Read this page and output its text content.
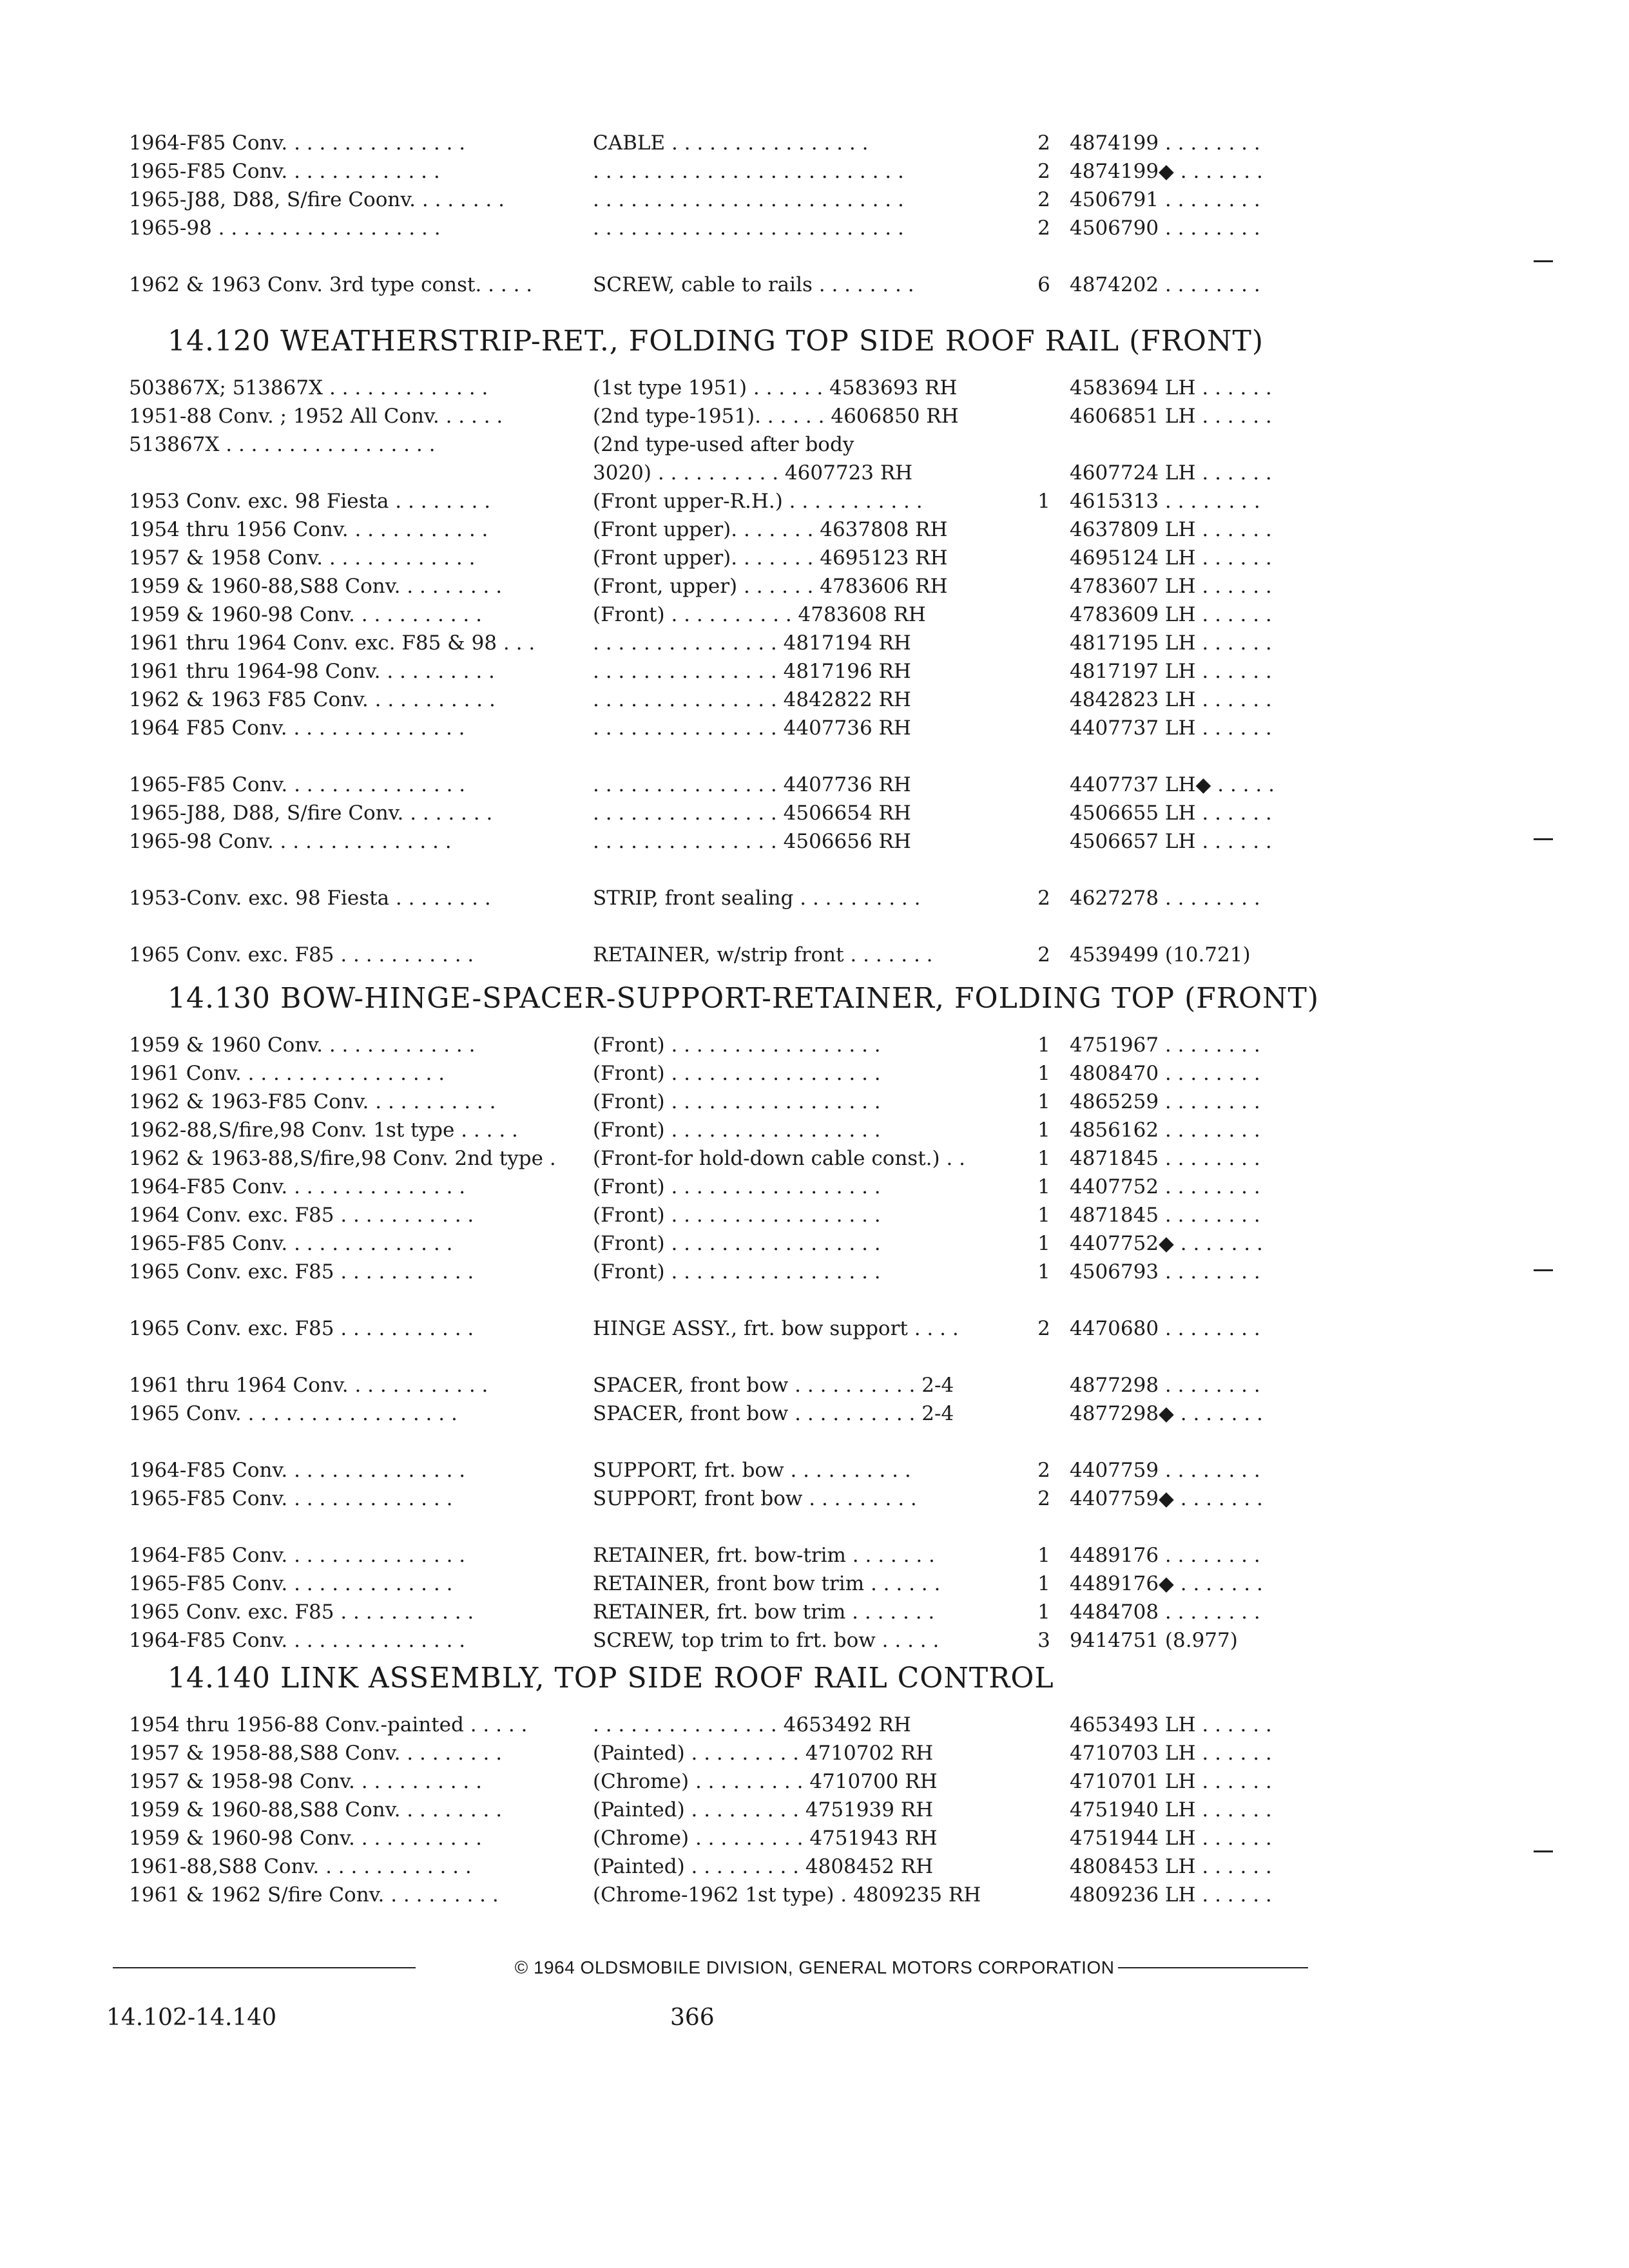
1964-F85 Conv. . . . . . . . . . . . . . .	CABLE . . . . . . . . . . . . . . . .	2 4874199 . . . . . . . .
1965-F85 Conv. . . . . . . . . . . . .	. . . . . . . . . . . . . . . . . . . . . . . . .	2 4874199◆ . . . . . . .
1965-J88, D88, S/fire Coonv. . . . . . . .	. . . . . . . . . . . . . . . . . . . . . . . . .	2 4506791 . . . . . . . .
1965-98 . . . . . . . . . . . . . . . . . .	. . . . . . . . . . . . . . . . . . . . . . . . .	2 4506790 . . . . . . . .
1962 & 1963 Conv. 3rd type const. . . . .	SCREW, cable to rails . . . . . . . .	6 4874202 . . . . . . . .
14.120 WEATHERSTRIP-RET., FOLDING TOP SIDE ROOF RAIL (FRONT)
503867X; 513867X . . . . . . . . . . . . .	(1st type 1951) . . . . . . 4583693 RH	4583694 LH . . . . . .
1951-88 Conv. ; 1952 All Conv. . . . . .	(2nd type-1951). . . . . . 4606850 RH	4606851 LH . . . . . .
513867X . . . . . . . . . . . . . . . . .	(2nd type-used after body
3020) . . . . . . . . . . 4607723 RH	4607724 LH . . . . . .
1953 Conv. exc. 98 Fiesta . . . . . . . .	(Front upper-R.H.) . . . . . . . . . . .	1 4615313 . . . . . . . .
1954 thru 1956 Conv. . . . . . . . . . . .	(Front upper). . . . . . . 4637808 RH	4637809 LH . . . . . .
1957 & 1958 Conv. . . . . . . . . . . . .	(Front upper). . . . . . . 4695123 RH	4695124 LH . . . . . .
1959 & 1960-88,S88 Conv. . . . . . . . .	(Front, upper) . . . . . . 4783606 RH	4783607 LH . . . . . .
1959 & 1960-98 Conv. . . . . . . . . . .	(Front) . . . . . . . . . . 4783608 RH	4783609 LH . . . . . .
1961 thru 1964 Conv. exc. F85 & 98 . . .	. . . . . . . . . . . . . . . 4817194 RH	4817195 LH . . . . . .
1961 thru 1964-98 Conv. . . . . . . . . .	. . . . . . . . . . . . . . . 4817196 RH	4817197 LH . . . . . .
1962 & 1963 F85 Conv. . . . . . . . . . .	. . . . . . . . . . . . . . . 4842822 RH	4842823 LH . . . . . .
1964 F85 Conv. . . . . . . . . . . . . . .	. . . . . . . . . . . . . . . 4407736 RH	4407737 LH . . . . . .
1965-F85 Conv. . . . . . . . . . . . . . .	. . . . . . . . . . . . . . . 4407736 RH	4407737 LH◆ . . . . .
1965-J88, D88, S/fire Conv. . . . . . . .	. . . . . . . . . . . . . . . 4506654 RH	4506655 LH . . . . . .
1965-98 Conv. . . . . . . . . . . . . . .	. . . . . . . . . . . . . . . 4506656 RH	4506657 LH . . . . . .
1953-Conv. exc. 98 Fiesta . . . . . . . .	STRIP, front sealing . . . . . . . . . .	2 4627278 . . . . . . . .
1965 Conv. exc. F85 . . . . . . . . . . .	RETAINER, w/strip front . . . . . . .	2 4539499 (10.721)
14.130 BOW-HINGE-SPACER-SUPPORT-RETAINER, FOLDING TOP (FRONT)
1959 & 1960 Conv. . . . . . . . . . . . .	(Front) . . . . . . . . . . . . . . . . .	1 4751967 . . . . . . . .
1961 Conv. . . . . . . . . . . . . . . . .	(Front) . . . . . . . . . . . . . . . . .	1 4808470 . . . . . . . .
1962 & 1963-F85 Conv. . . . . . . . . . .	(Front) . . . . . . . . . . . . . . . . .	1 4865259 . . . . . . . .
1962-88,S/fire,98 Conv. 1st type . . . . .	(Front) . . . . . . . . . . . . . . . . .	1 4856162 . . . . . . . .
1962 & 1963-88,S/fire,98 Conv. 2nd type .	(Front-for hold-down cable const.) . .	1 4871845 . . . . . . . .
1964-F85 Conv. . . . . . . . . . . . . . .	(Front) . . . . . . . . . . . . . . . . .	1 4407752 . . . . . . . .
1964 Conv. exc. F85 . . . . . . . . . . .	(Front) . . . . . . . . . . . . . . . . .	1 4871845 . . . . . . . .
1965-F85 Conv. . . . . . . . . . . . . .	(Front) . . . . . . . . . . . . . . . . .	1 4407752◆ . . . . . . .
1965 Conv. exc. F85 . . . . . . . . . . .	(Front) . . . . . . . . . . . . . . . . .	1 4506793 . . . . . . . .
1965 Conv. exc. F85 . . . . . . . . . . .	HINGE ASSY., frt. bow support . . . .	2 4470680 . . . . . . . .
1961 thru 1964 Conv. . . . . . . . . . . .	SPACER, front bow . . . . . . . . . . 2-4	4877298 . . . . . . . .
1965 Conv. . . . . . . . . . . . . . . . . .	SPACER, front bow . . . . . . . . . . 2-4	4877298◆ . . . . . . .
1964-F85 Conv. . . . . . . . . . . . . . .	SUPPORT, frt. bow . . . . . . . . . .	2 4407759 . . . . . . . .
1965-F85 Conv. . . . . . . . . . . . . .	SUPPORT, front bow . . . . . . . . .	2 4407759◆ . . . . . . .
1964-F85 Conv. . . . . . . . . . . . . . .	RETAINER, frt. bow-trim . . . . . . .	1 4489176 . . . . . . . .
1965-F85 Conv. . . . . . . . . . . . . .	RETAINER, front bow trim . . . . . .	1 4489176◆ . . . . . . .
1965 Conv. exc. F85 . . . . . . . . . . .	RETAINER, frt. bow trim . . . . . . .	1 4484708 . . . . . . . .
1964-F85 Conv. . . . . . . . . . . . . . .	SCREW, top trim to frt. bow . . . . .	3 9414751 (8.977)
14.140 LINK ASSEMBLY, TOP SIDE ROOF RAIL CONTROL
1954 thru 1956-88 Conv.-painted . . . . .	. . . . . . . . . . . . . . . 4653492 RH	4653493 LH . . . . . .
1957 & 1958-88,S88 Conv. . . . . . . . .	(Painted) . . . . . . . . . 4710702 RH	4710703 LH . . . . . .
1957 & 1958-98 Conv. . . . . . . . . . .	(Chrome) . . . . . . . . . 4710700 RH	4710701 LH . . . . . .
1959 & 1960-88,S88 Conv. . . . . . . . .	(Painted) . . . . . . . . . 4751939 RH	4751940 LH . . . . . .
1959 & 1960-98 Conv. . . . . . . . . . .	(Chrome) . . . . . . . . . 4751943 RH	4751944 LH . . . . . .
1961-88,S88 Conv. . . . . . . . . . . . .	(Painted) . . . . . . . . . 4808452 RH	4808453 LH . . . . . .
1961 & 1962 S/fire Conv. . . . . . . . . .	(Chrome-1962 1st type) . 4809235 RH	4809236 LH . . . . . .
© 1964 OLDSMOBILE DIVISION, GENERAL MOTORS CORPORATION
14.102-14.140	366
